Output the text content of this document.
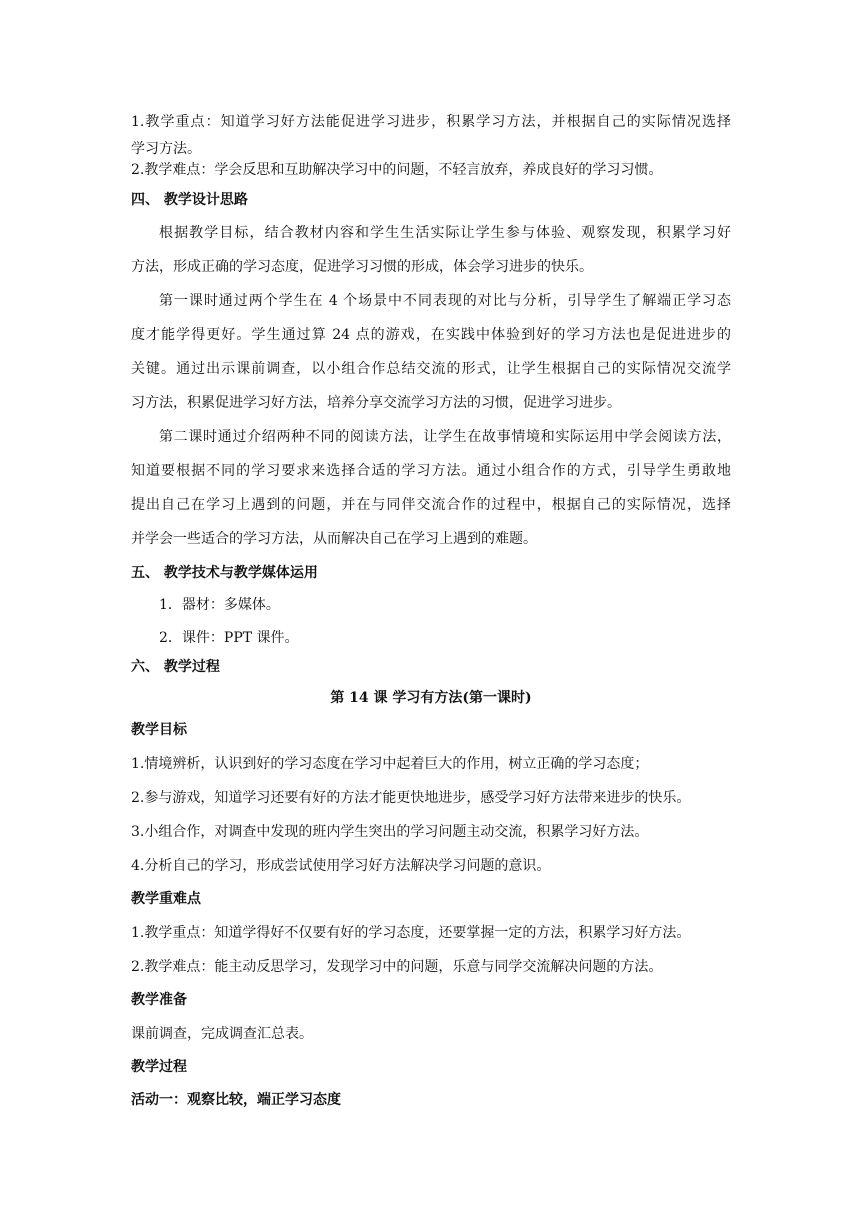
1.教学重点：知道学习好方法能促进学习进步，积累学习方法，并根据自己的实际情况选择
学习方法。
2.教学难点：学会反思和互助解决学习中的问题，不轻言放弃，养成良好的学习习惯。
四、 教学设计思路
根据教学目标，结合教材内容和学生生活实际让学生参与体验、观察发现，积累学习好
方法，形成正确的学习态度，促进学习习惯的形成，体会学习进步的快乐。
第一课时通过两个学生在 4 个场景中不同表现的对比与分析，引导学生了解端正学习态
度才能学得更好。学生通过算 24 点的游戏，在实践中体验到好的学习方法也是促进进步的
关键。通过出示课前调查，以小组合作总结交流的形式，让学生根据自己的实际情况交流学
习方法，积累促进学习好方法，培养分享交流学习方法的习惯，促进学习进步。
第二课时通过介绍两种不同的阅读方法，让学生在故事情境和实际运用中学会阅读方法，
知道要根据不同的学习要求来选择合适的学习方法。通过小组合作的方式，引导学生勇敢地
提出自己在学习上遇到的问题，并在与同伴交流合作的过程中，根据自己的实际情况，选择
并学会一些适合的学习方法，从而解决自己在学习上遇到的难题。
五、 教学技术与教学媒体运用
1．器材：多媒体。
2．课件：PPT 课件。
六、 教学过程
第 14 课 学习有方法(第一课时)
教学目标
1.情境辨析，认识到好的学习态度在学习中起着巨大的作用，树立正确的学习态度；
2.参与游戏，知道学习还要有好的方法才能更快地进步，感受学习好方法带来进步的快乐。
3.小组合作，对调查中发现的班内学生突出的学习问题主动交流，积累学习好方法。
4.分析自己的学习，形成尝试使用学习好方法解决学习问题的意识。
教学重难点
1.教学重点：知道学得好不仅要有好的学习态度，还要掌握一定的方法，积累学习好方法。
2.教学难点：能主动反思学习，发现学习中的问题，乐意与同学交流解决问题的方法。
教学准备
课前调查，完成调查汇总表。
教学过程
活动一：观察比较，端正学习态度
